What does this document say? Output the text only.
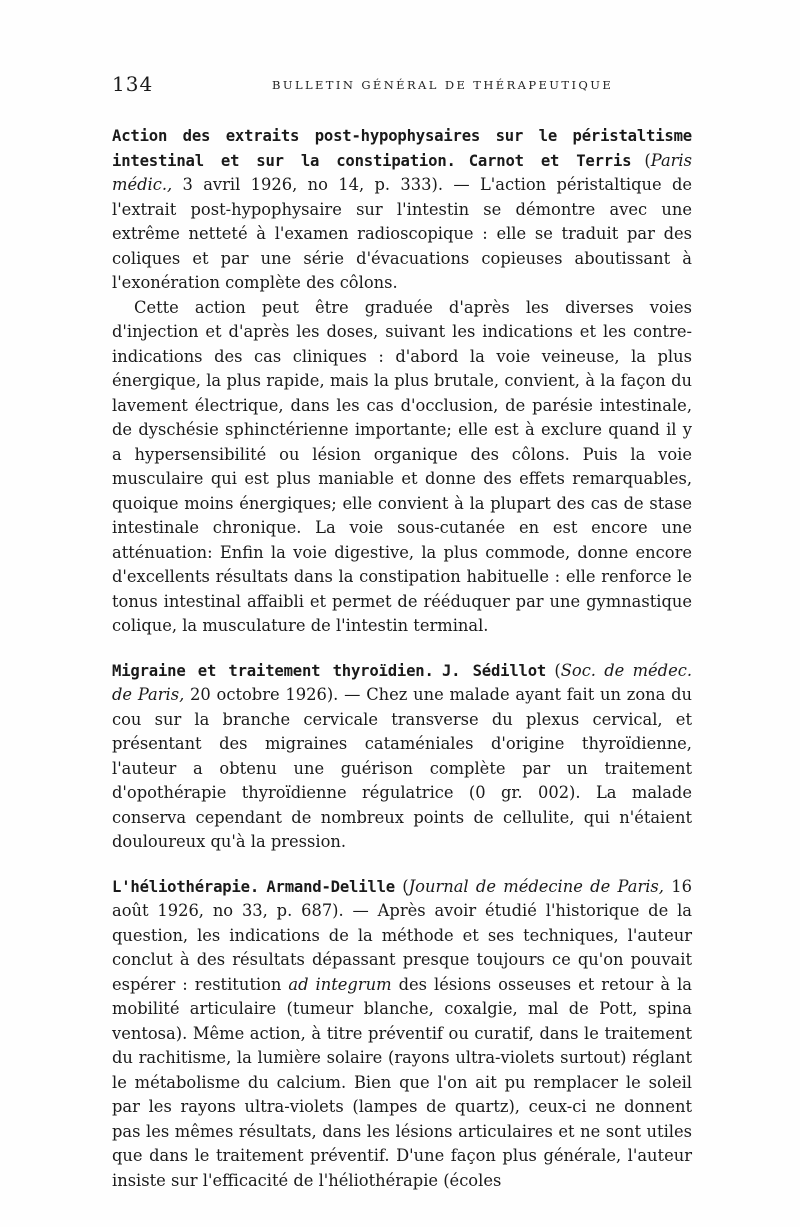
134	BULLETIN GÉNÉRAL DE THÉRAPEUTIQUE

Action des extraits post-hypophysaires sur le péristaltisme intestinal et sur la constipation. Carnot et Terris (Paris médic., 3 avril 1926, no 14, p. 333). — L'action péristaltique de l'extrait post-hypophysaire sur l'intestin se démontre avec une extrême netteté à l'examen radioscopique : elle se traduit par des coliques et par une série d'évacuations copieuses aboutissant à l'exonération complète des côlons.

Cette action peut être graduée d'après les diverses voies d'injection et d'après les doses, suivant les indications et les contre-indications des cas cliniques : d'abord la voie veineuse, la plus énergique, la plus rapide, mais la plus brutale, convient, à la façon du lavement électrique, dans les cas d'occlusion, de parésie intestinale, de dyschésie sphinctérienne importante; elle est à exclure quand il y a hypersensibilité ou lésion organique des côlons. Puis la voie musculaire qui est plus maniable et donne des effets remarquables, quoique moins énergiques; elle convient à la plupart des cas de stase intestinale chronique. La voie sous-cutanée en est encore une atténuation: Enfin la voie digestive, la plus commode, donne encore d'excellents résultats dans la constipation habituelle : elle renforce le tonus intestinal affaibli et permet de rééduquer par une gymnastique colique, la musculature de l'intestin terminal.

Migraine et traitement thyroïdien. J. Sédillot (Soc. de médec. de Paris, 20 octobre 1926). — Chez une malade ayant fait un zona du cou sur la branche cervicale transverse du plexus cervical, et présentant des migraines cataméniales d'origine thyroïdienne, l'auteur a obtenu une guérison complète par un traitement d'opothérapie thyroïdienne régulatrice (0 gr. 002). La malade conserva cependant de nombreux points de cellulite, qui n'étaient douloureux qu'à la pression.

L'héliothérapie. Armand-Delille (Journal de médecine de Paris, 16 août 1926, no 33, p. 687). — Après avoir étudié l'historique de la question, les indications de la méthode et ses techniques, l'auteur conclut à des résultats dépassant presque toujours ce qu'on pouvait espérer : restitution ad integrum des lésions osseuses et retour à la mobilité articulaire (tumeur blanche, coxalgie, mal de Pott, spina ventosa). Même action, à titre préventif ou curatif, dans le traitement du rachitisme, la lumière solaire (rayons ultra-violets surtout) réglant le métabolisme du calcium. Bien que l'on ait pu remplacer le soleil par les rayons ultra-violets (lampes de quartz), ceux-ci ne donnent pas les mêmes résultats, dans les lésions articulaires et ne sont utiles que dans le traitement préventif. D'une façon plus générale, l'auteur insiste sur l'efficacité de l'héliothérapie (écoles
